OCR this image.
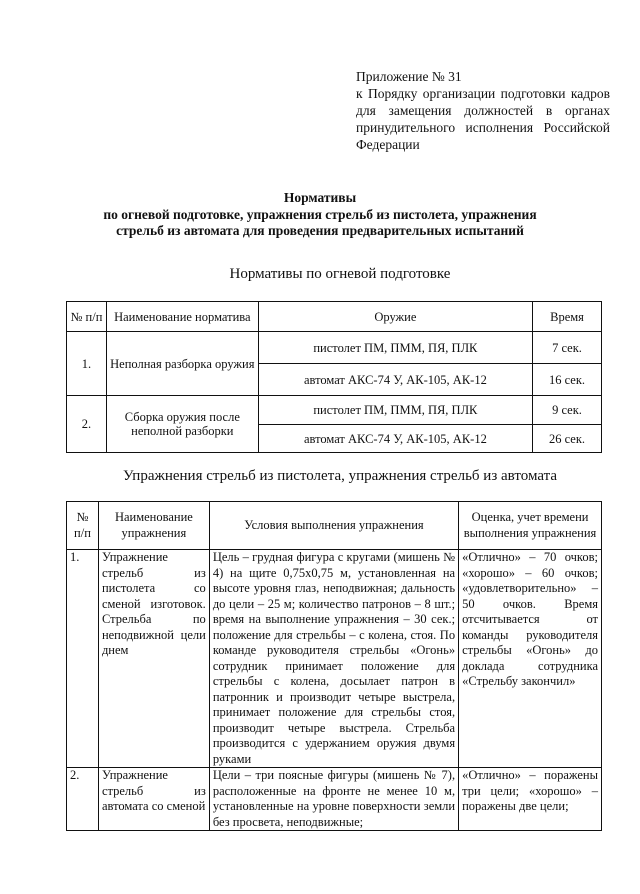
Приложение № 31

к Порядку организации подготовки кадров для замещения должностей в органах принудительного исполнения Российской Федерации

Нормативы

по огневой подготовке, упражнения стрельб из пистолета, упражнения

стрельб из автомата для проведения предварительных испытаний

Нормативы по огневой подготовке
№ п/п	Наименование норматива	Оружие	Время
1.	Неполная разборка оружия	пистолет ПМ, ПММ, ПЯ, ПЛК	7 сек.
		автомат АКС-74 У, АК-105, АК-12	16 сек.
2.	Сборка оружия после неполной разборки	пистолет ПМ, ПММ, ПЯ, ПЛК	9 сек.
		автомат АКС-74 У, АК-105, АК-12	26 сек.
Упражнения стрельб из пистолета, упражнения стрельб из автомата
№ п/п	Наименование упражнения	Условия выполнения упражнения	Оценка, учет времени выполнения упражнения
1.	Упражнение стрельб из пистолета со сменой изготовок. Стрельба по неподвижной цели днем	Цель – грудная фигура с кругами (мишень № 4) на щите 0,75х0,75 м, установленная на высоте уровня глаз, неподвижная; дальность до цели – 25 м; количество патронов – 8 шт.; время на выполнение упражнения – 30 сек.; положение для стрельбы – с колена, стоя. По команде руководителя стрельбы «Огонь» сотрудник принимает положение для стрельбы с колена, досылает патрон в патронник и производит четыре выстрела, принимает положение для стрельбы стоя, производит четыре выстрела. Стрельба производится с удержанием оружия двумя руками	«Отлично» – 70 очков; «хорошо» – 60 очков; «удовлетворительно» – 50 очков. Время отсчитывается от команды руководителя стрельбы «Огонь» до доклада сотрудника «Стрельбу закончил»
2.	Упражнение стрельб из автомата со сменой	Цели – три поясные фигуры (мишень № 7), расположенные на фронте не менее 10 м, установленные на уровне поверхности земли без просвета, неподвижные;	«Отлично» – поражены три цели; «хорошо» – поражены две цели;
